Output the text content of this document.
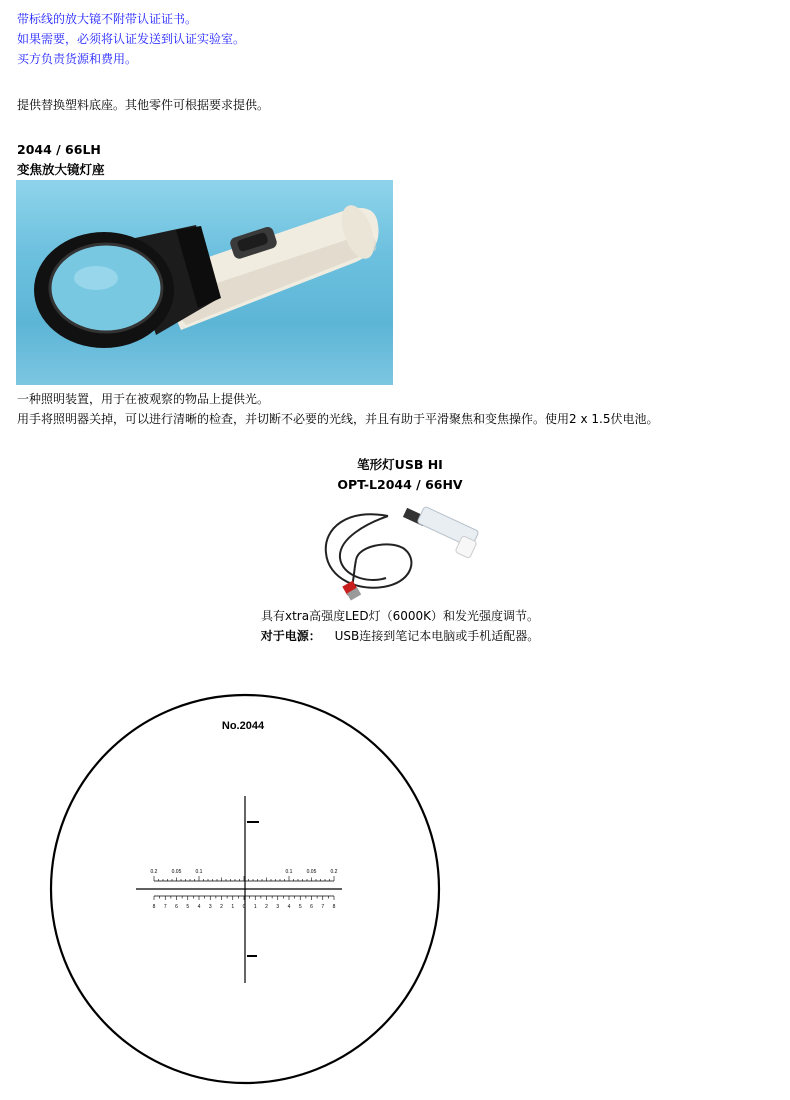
带标线的放大镜不附带认证证书。
如果需要，必须将认证发送到认证实验室。
买方负责货源和费用。
提供替换塑料底座。其他零件可根据要求提供。
2044 / 66LH
变焦放大镜灯座
一种照明装置，用于在被观察的物品上提供光。
用手将照明器关掉，可以进行清晰的检查，并切断不必要的光线，并且有助于平滑聚焦和变焦操作。使用2 x 1.5伏电池。
笔形灯USB HI
OPT-L2044 / 66HV
具有xtra高强度LED灯（6000K）和发光强度调节。
对于电源： USB连接到笔记本电脑或手机适配器。
No.2044
0.2	0.1	0.1	0.2
0.05	0.05
8 7 6 5 4 3 2 1 0 1 2 3 4 5 6 7 8
